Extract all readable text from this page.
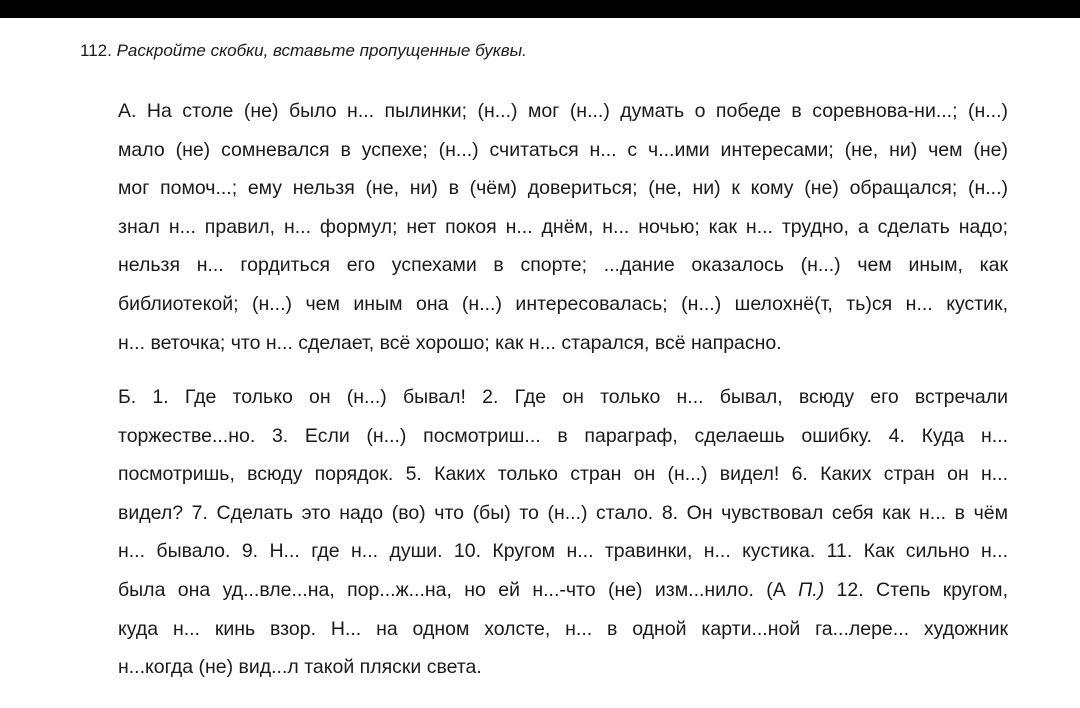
112. Раскройте скобки, вставьте пропущенные буквы.
А. На столе (не) было н... пылинки; (н...) мог (н...) думать о победе в соревнова-ни...; (н...)
мало (не) сомневался в успехе; (н...) считаться н... с ч...ими интересами; (не, ни) чем (не)
мог помоч...; ему нельзя (не, ни) в (чём) довериться; (не, ни) к кому (не) обращался; (н...)
знал н... правил, н... формул; нет покоя н... днём, н... ночью; как н... трудно, а сделать надо;
нельзя н... гордиться его успехами в спорте; ...дание оказалось (н...) чем иным, как
библиотекой; (н...) чем иным она (н...) интересовалась; (н...) шелохнё(т, ть)ся н... кустик,
н... веточка; что н... сделает, всё хорошо; как н... старался, всё напрасно.
Б. 1. Где только он (н...) бывал! 2. Где он только н... бывал, всюду его встречали
торжестве...но. 3. Если (н...) посмотриш... в параграф, сделаешь ошибку. 4. Куда н...
посмотришь, всюду порядок. 5. Каких только стран он (н...) видел! 6. Каких стран он н...
видел? 7. Сделать это надо (во) что (бы) то (н...) стало. 8. Он чувствовал себя как н... в чём
н... бывало. 9. Н... где н... души. 10. Кругом н... травинки, н... кустика. 11. Как сильно н...
была она уд...вле...на, пор...ж...на, но ей н...-что (не) изм...нило. (А П.) 12. Степь кругом,
куда н... кинь взор. Н... на одном холсте, н... в одной карти...ной га...лере... художник
н...когда (не) вид...л такой пляски света.
